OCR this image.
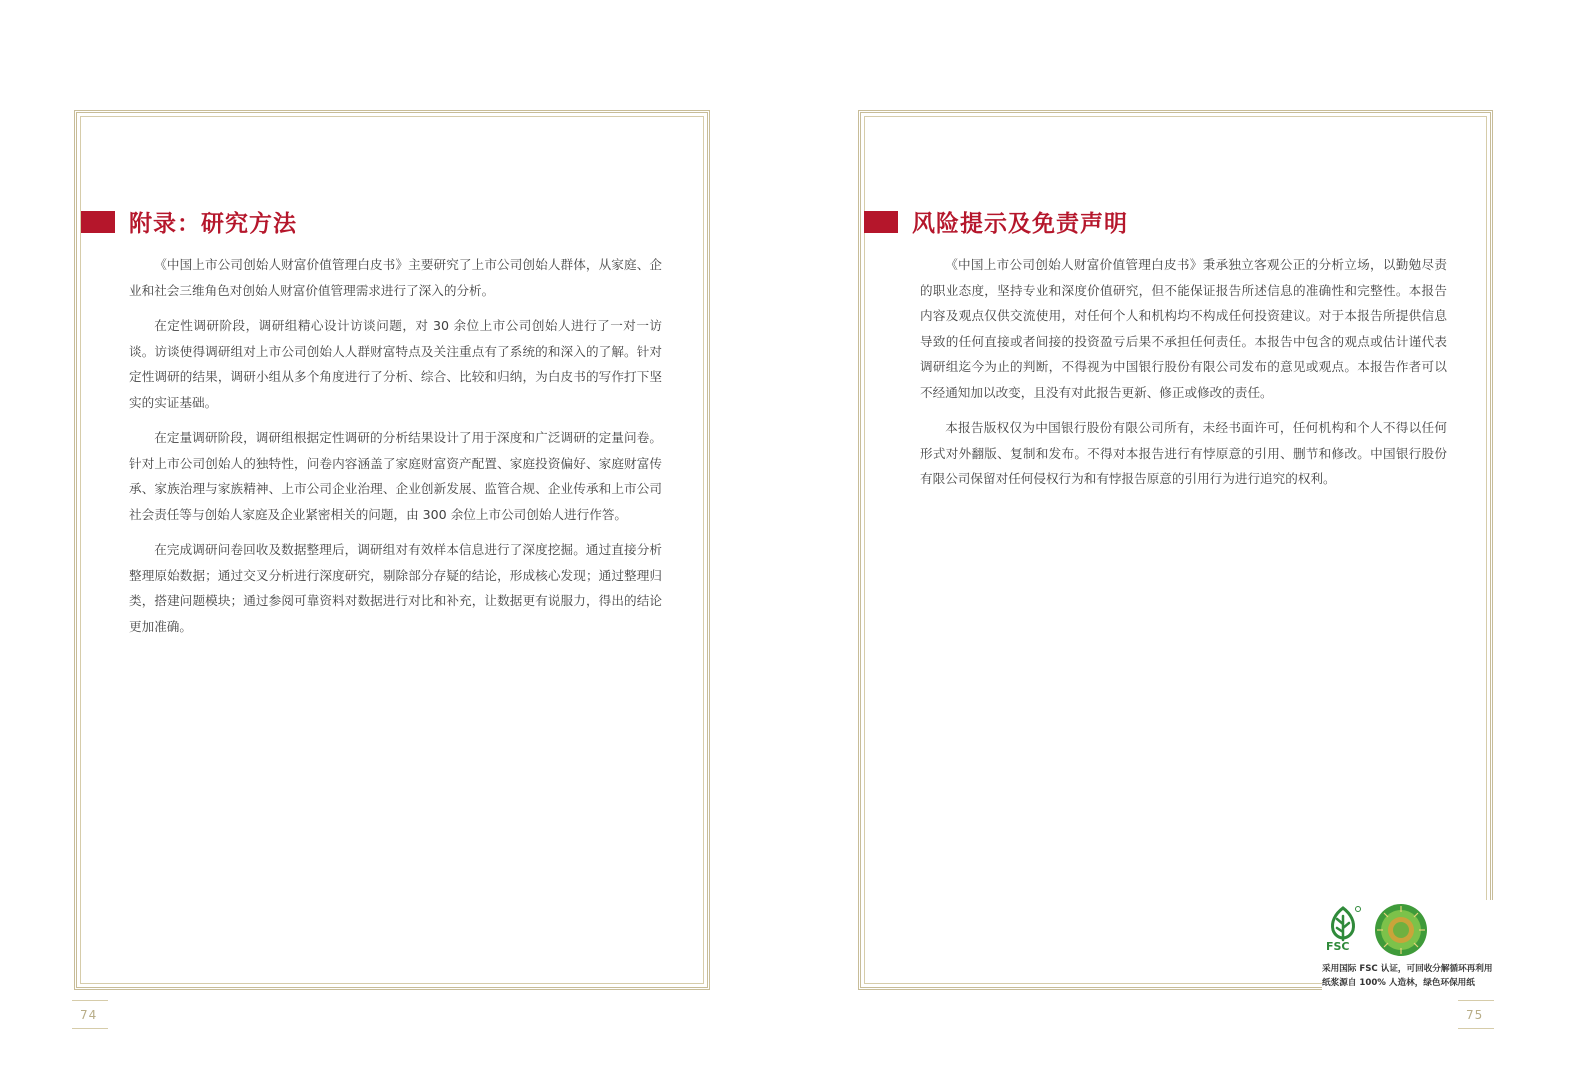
附录：研究方法

《中国上市公司创始人财富价值管理白皮书》主要研究了上市公司创始人群体，从家庭、企业和社会三维角色对创始人财富价值管理需求进行了深入的分析。

在定性调研阶段，调研组精心设计访谈问题，对 30 余位上市公司创始人进行了一对一访谈。访谈使得调研组对上市公司创始人人群财富特点及关注重点有了系统的和深入的了解。针对定性调研的结果，调研小组从多个角度进行了分析、综合、比较和归纳，为白皮书的写作打下坚实的实证基础。

在定量调研阶段，调研组根据定性调研的分析结果设计了用于深度和广泛调研的定量问卷。针对上市公司创始人的独特性，问卷内容涵盖了家庭财富资产配置、家庭投资偏好、家庭财富传承、家族治理与家族精神、上市公司企业治理、企业创新发展、监管合规、企业传承和上市公司社会责任等与创始人家庭及企业紧密相关的问题，由 300 余位上市公司创始人进行作答。

在完成调研问卷回收及数据整理后，调研组对有效样本信息进行了深度挖掘。通过直接分析整理原始数据；通过交叉分析进行深度研究，剔除部分存疑的结论，形成核心发现；通过整理归类，搭建问题模块；通过参阅可靠资料对数据进行对比和补充，让数据更有说服力，得出的结论更加准确。

风险提示及免责声明

《中国上市公司创始人财富价值管理白皮书》秉承独立客观公正的分析立场，以勤勉尽责的职业态度，坚持专业和深度价值研究，但不能保证报告所述信息的准确性和完整性。本报告内容及观点仅供交流使用，对任何个人和机构均不构成任何投资建议。对于本报告所提供信息导致的任何直接或者间接的投资盈亏后果不承担任何责任。本报告中包含的观点或估计谨代表调研组迄今为止的判断，不得视为中国银行股份有限公司发布的意见或观点。本报告作者可以不经通知加以改变，且没有对此报告更新、修正或修改的责任。

本报告版权仅为中国银行股份有限公司所有，未经书面许可，任何机构和个人不得以任何形式对外翻版、复制和发布。不得对本报告进行有悖原意的引用、删节和修改。中国银行股份有限公司保留对任何侵权行为和有悖报告原意的引用行为进行追究的权利。

74	75
FSC
采用国际 FSC 认证，可回收分解循环再利用
纸浆源自 100% 人造林，绿色环保用纸
